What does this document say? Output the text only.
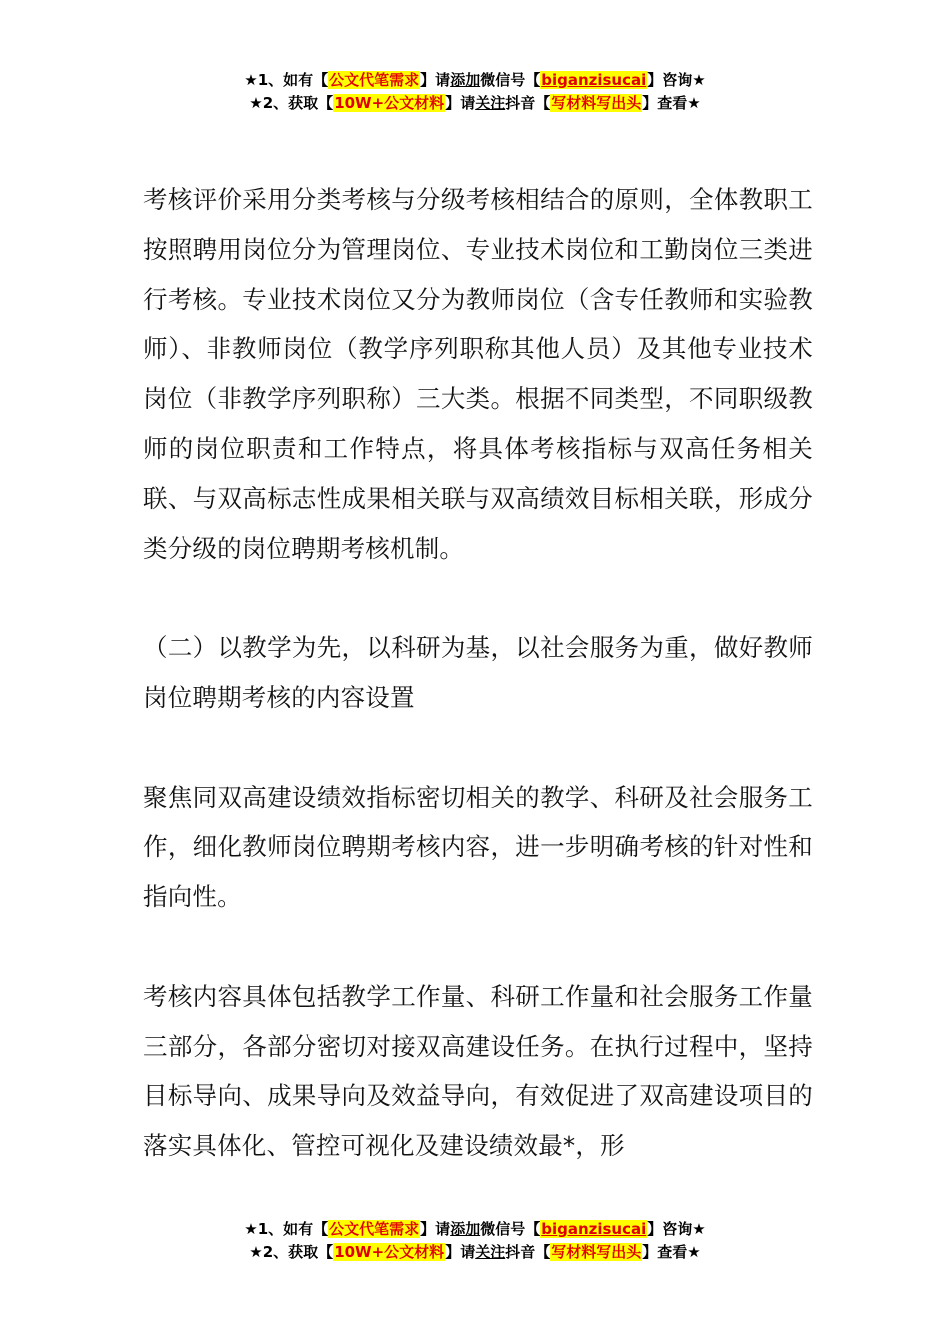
★1、如有【公文代笔需求】请添加微信号【biganzisucai】咨询★
★2、获取【10W+公文材料】请关注抖音【写材料写出头】查看★

考核评价采用分类考核与分级考核相结合的原则，全体教职工按照聘用岗位分为管理岗位、专业技术岗位和工勤岗位三类进行考核。专业技术岗位又分为教师岗位（含专任教师和实验教师）、非教师岗位（教学序列职称其他人员）及其他专业技术岗位（非教学序列职称）三大类。根据不同类型，不同职级教师的岗位职责和工作特点，将具体考核指标与双高任务相关联、与双高标志性成果相关联与双高绩效目标相关联，形成分类分级的岗位聘期考核机制。

（二）以教学为先，以科研为基，以社会服务为重，做好教师岗位聘期考核的内容设置

聚焦同双高建设绩效指标密切相关的教学、科研及社会服务工作，细化教师岗位聘期考核内容，进一步明确考核的针对性和指向性。

考核内容具体包括教学工作量、科研工作量和社会服务工作量三部分，各部分密切对接双高建设任务。在执行过程中，坚持目标导向、成果导向及效益导向，有效促进了双高建设项目的落实具体化、管控可视化及建设绩效最*，形

★1、如有【公文代笔需求】请添加微信号【biganzisucai】咨询★
★2、获取【10W+公文材料】请关注抖音【写材料写出头】查看★
